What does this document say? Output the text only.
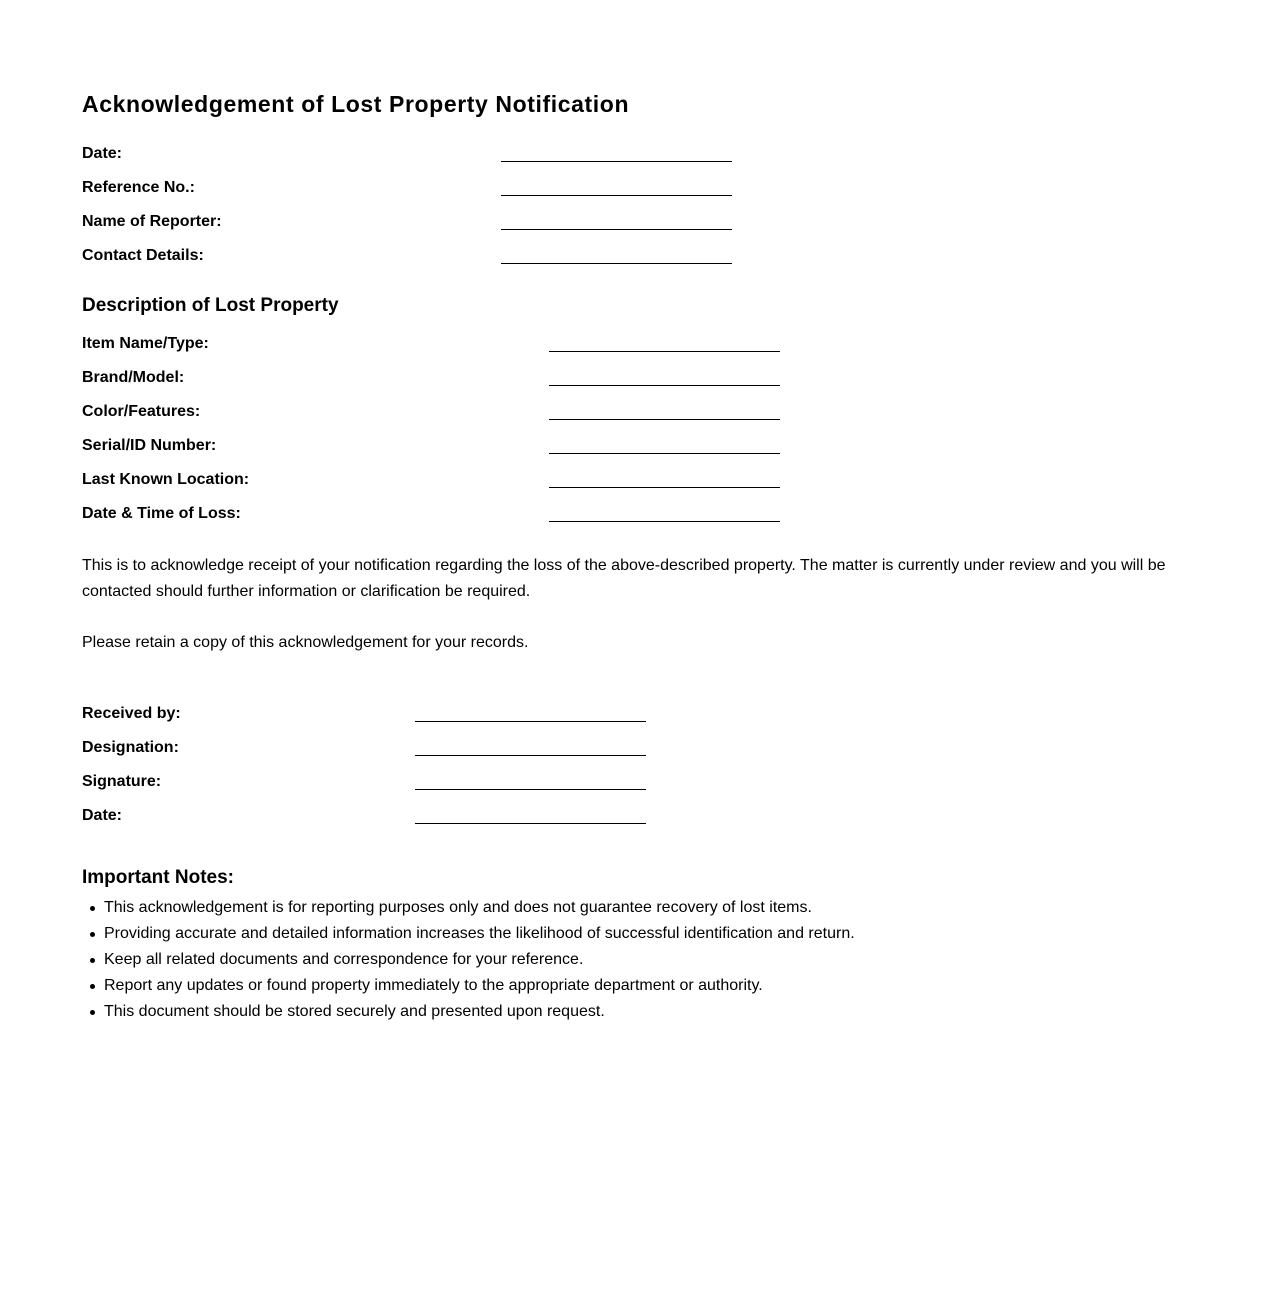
Acknowledgement of Lost Property Notification
Date:
Reference No.:
Name of Reporter:
Contact Details:
Description of Lost Property
Item Name/Type:
Brand/Model:
Color/Features:
Serial/ID Number:
Last Known Location:
Date & Time of Loss:

This is to acknowledge receipt of your notification regarding the loss of the above-described property. The matter is currently under review and you will be contacted should further information or clarification be required.

Please retain a copy of this acknowledgement for your records.

Received by:
Designation:
Signature:
Date:
Important Notes:
This acknowledgement is for reporting purposes only and does not guarantee recovery of lost items.
Providing accurate and detailed information increases the likelihood of successful identification and return.
Keep all related documents and correspondence for your reference.
Report any updates or found property immediately to the appropriate department or authority.
This document should be stored securely and presented upon request.
